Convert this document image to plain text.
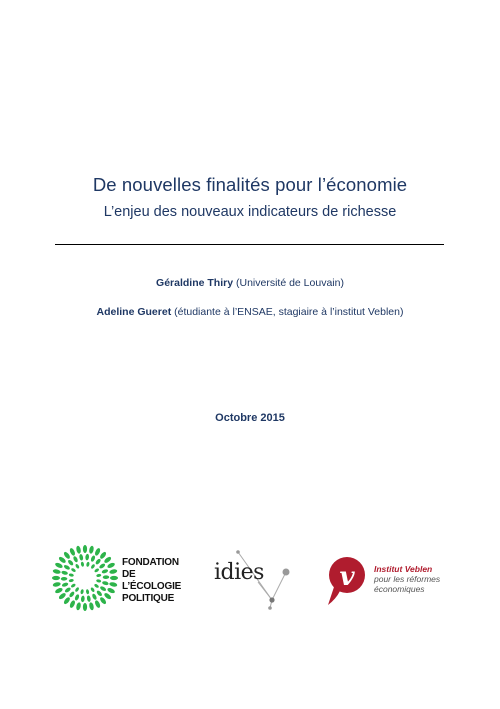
De nouvelles finalités pour l’économie
L’enjeu des nouveaux indicateurs de richesse
Géraldine Thiry (Université de Louvain)
Adeline Gueret (étudiante à l’ENSAE, stagiaire à l’institut Veblen)
Octobre 2015
FONDATION
DE L’ÉCOLOGIE
POLITIQUE
idies	v Institut Veblen
pour les réformes
économiques
